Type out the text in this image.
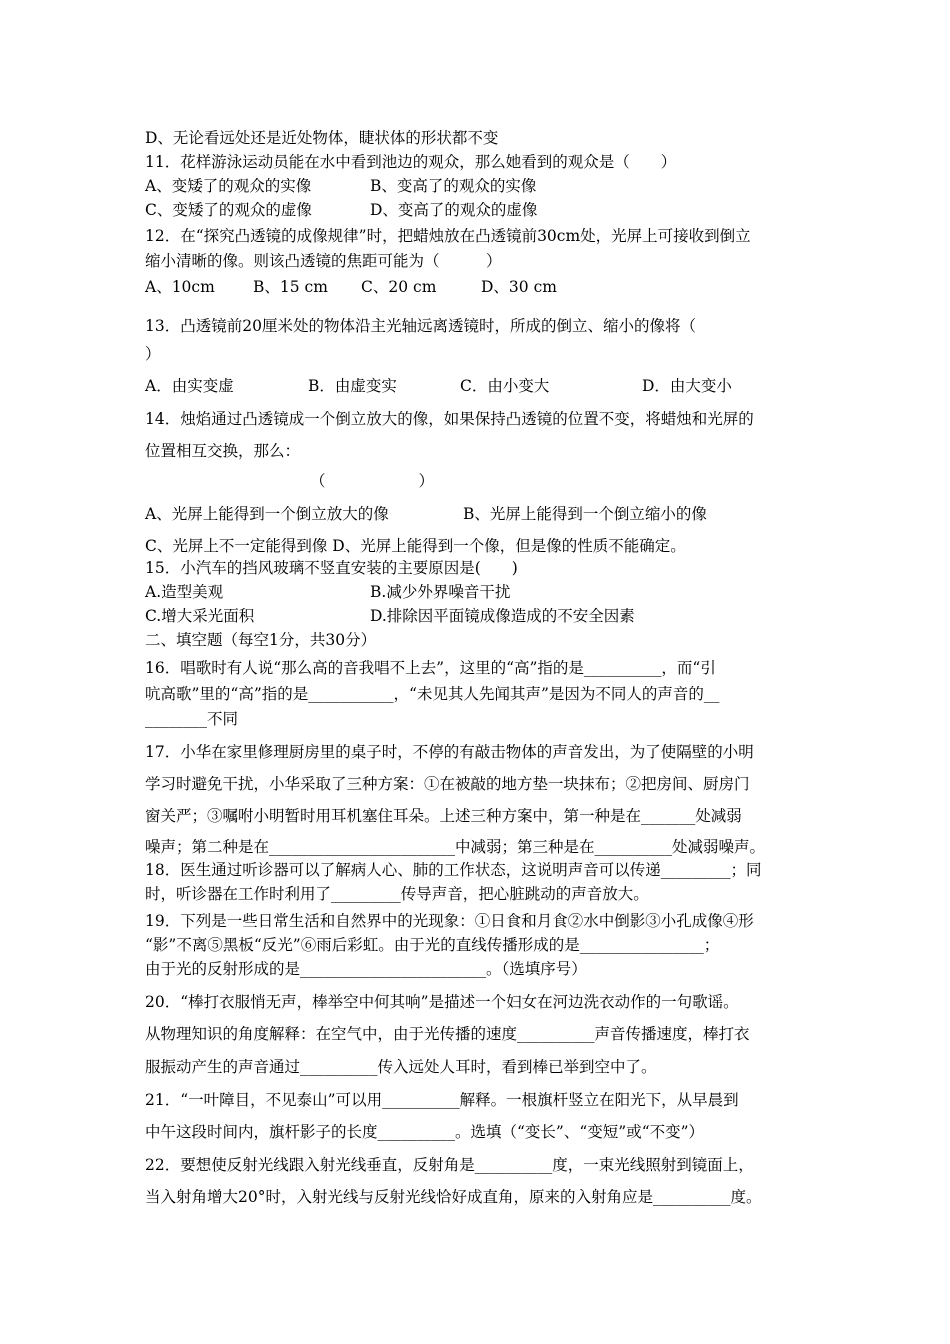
D、无论看远处还是近处物体，睫状体的形状都不变
11．花样游泳运动员能在水中看到池边的观众，那么她看到的观众是（　　）
A、变矮了的观众的实像	B、变高了的观众的实像
C、变矮了的观众的虚像	D、变高了的观众的虚像
12．在“探究凸透镜的成像规律”时，把蜡烛放在凸透镜前30cm处，光屏上可接收到倒立
缩小清晰的像。则该凸透镜的焦距可能为（　　　）
A、10cm B、15 cm C、20 cm	D、30 cm
13．凸透镜前20厘米处的物体沿主光轴远离透镜时，所成的倒立、缩小的像将（
）
A．由实变虚	B．由虚变实	C．由小变大	D．由大变小
14．烛焰通过凸透镜成一个倒立放大的像，如果保持凸透镜的位置不变，将蜡烛和光屏的
位置相互交换，那么：
（　　　　　　）
A、光屏上能得到一个倒立放大的像	B、光屏上能得到一个倒立缩小的像
C、光屏上不一定能得到像 D、光屏上能得到一个像，但是像的性质不能确定。
15．小汽车的挡风玻璃不竖直安装的主要原因是(　　)
A.造型美观	B.减少外界噪音干扰
C.增大采光面积	D.排除因平面镜成像造成的不安全因素
二、填空题（每空1分，共30分）
16．唱歌时有人说“那么高的音我唱不上去”，这里的“高”指的是__________，而“引
吭高歌”里的“高”指的是___________，“未见其人先闻其声”是因为不同人的声音的__
________不同
17．小华在家里修理厨房里的桌子时，不停的有敲击物体的声音发出，为了使隔壁的小明
学习时避免干扰，小华采取了三种方案：①在被敲的地方垫一块抹布；②把房间、厨房门
窗关严；③嘱咐小明暂时用耳机塞住耳朵。上述三种方案中，第一种是在_______处减弱
噪声；第二种是在________________________中减弱；第三种是在__________处减弱噪声。
18．医生通过听诊器可以了解病人心、肺的工作状态，这说明声音可以传递_________；同
时，听诊器在工作时利用了_________传导声音，把心脏跳动的声音放大。
19．下列是一些日常生活和自然界中的光现象：①日食和月食②水中倒影③小孔成像④形
“影”不离⑤黑板“反光”⑥雨后彩虹。由于光的直线传播形成的是________________；
由于光的反射形成的是________________________。（选填序号）
20．“棒打衣服悄无声，棒举空中何其响”是描述一个妇女在河边洗衣动作的一句歌谣。
从物理知识的角度解释：在空气中，由于光传播的速度__________声音传播速度，棒打衣
服振动产生的声音通过__________传入远处人耳时，看到棒已举到空中了。
21．“一叶障目，不见泰山”可以用__________解释。一根旗杆竖立在阳光下，从早晨到
中午这段时间内，旗杆影子的长度__________。选填（“变长”、“变短”或“不变”）
22．要想使反射光线跟入射光线垂直，反射角是__________度，一束光线照射到镜面上，
当入射角增大20°时，入射光线与反射光线恰好成直角，原来的入射角应是__________度。
